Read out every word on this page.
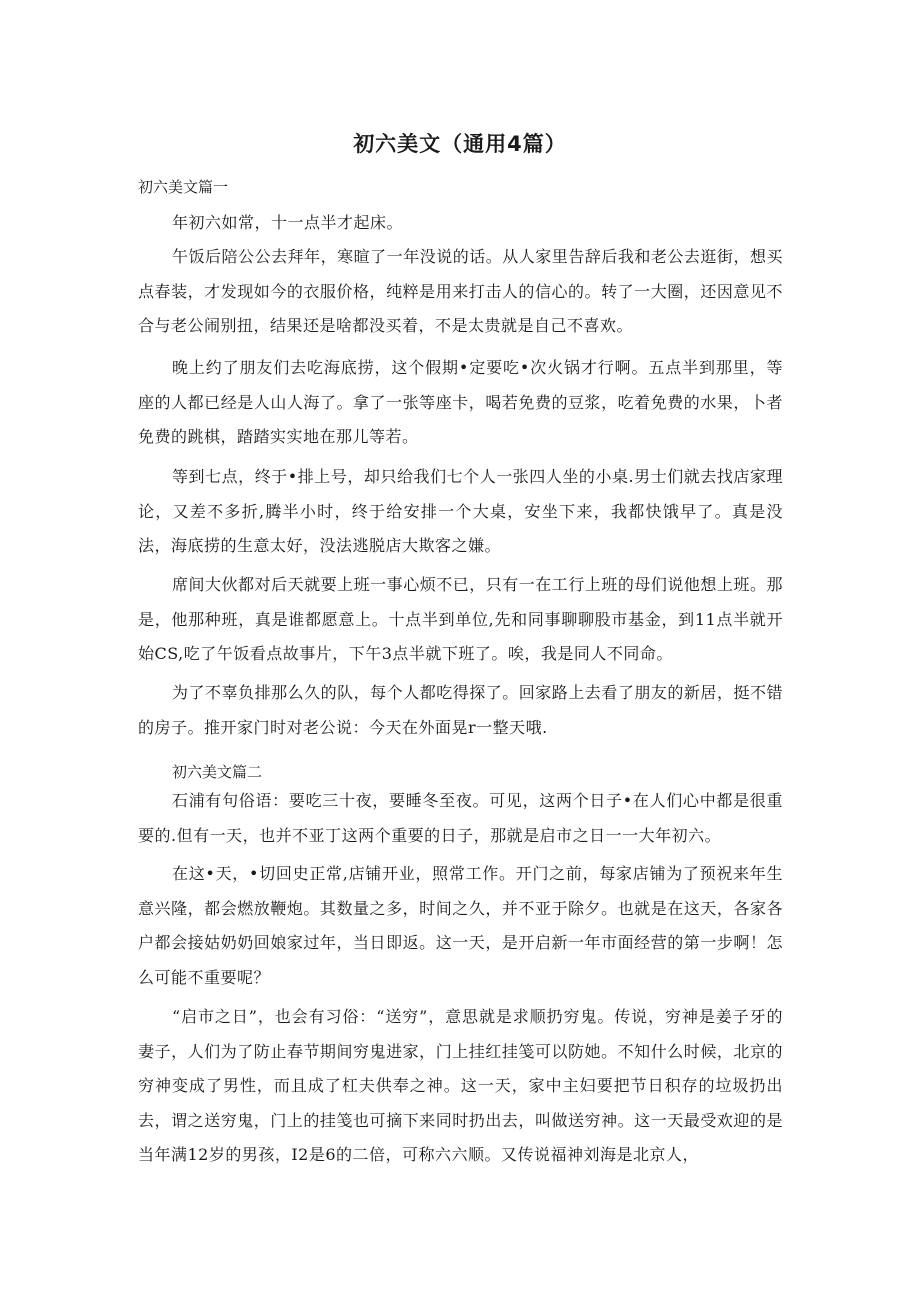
初六美文（通用4篇）

初六美文篇一

年初六如常，十一点半才起床。

午饭后陪公公去拜年，寒暄了一年没说的话。从人家里告辞后我和老公去逛街，想买点春装，才发现如今的衣服价格，纯粹是用来打击人的信心的。转了一大圈，还因意见不合与老公闹别扭，结果还是啥都没买着，不是太贵就是自己不喜欢。

晚上约了朋友们去吃海底捞，这个假期•定要吃•次火锅才行啊。五点半到那里，等座的人都已经是人山人海了。拿了一张等座卡，喝若免费的豆浆，吃着免费的水果，卜者免费的跳棋，踏踏实实地在那儿等若。

等到七点，终于•排上号，却只给我们七个人一张四人坐的小桌.男士们就去找店家理论，又差不多折,腾半小时，终于给安排一个大桌，安坐下来，我都快饿早了。真是没法，海底捞的生意太好，没法逃脱店大欺客之嫌。

席间大伙都对后天就要上班一事心烦不已，只有一在工行上班的母们说他想上班。那是，他那种班，真是谁都愿意上。十点半到单位,先和同事聊聊股市基金，到11点半就开始CS,吃了午饭看点故事片，下午3点半就下班了。唉，我是同人不同命。

为了不辜负排那么久的队，每个人都吃得探了。回家路上去看了朋友的新居，挺不错的房子。推开家门时对老公说：今天在外面晃r一整天哦.

初六美文篇二

石浦有句俗语：要吃三十夜，要睡冬至夜。可见，这两个日子•在人们心中都是很重要的.但有一天，也并不亚丁这两个重要的日子，那就是启市之日一一大年初六。

在这•天，•切回史正常,店铺开业，照常工作。开门之前，每家店铺为了预祝来年生意兴隆，都会燃放鞭炮。其数量之多，时间之久，并不亚于除夕。也就是在这天，各家各户都会接姑奶奶回娘家过年，当日即返。这一天，是开启新一年市面经营的第一步啊！怎么可能不重要呢？

“启市之日”，也会有习俗：“送穷”，意思就是求顺扔穷鬼。传说，穷神是姜子牙的妻子，人们为了防止春节期间穷鬼进家，门上挂红挂笺可以防她。不知什么时候，北京的穷神变成了男性，而且成了杠夫供奉之神。这一天，家中主妇要把节日积存的垃圾扔出去，谓之送穷鬼，门上的挂笺也可摘下来同时扔出去，叫做送穷神。这一天最受欢迎的是当年满12岁的男孩，I2是6的二倍，可称六六顺。又传说福神刘海是北京人，
